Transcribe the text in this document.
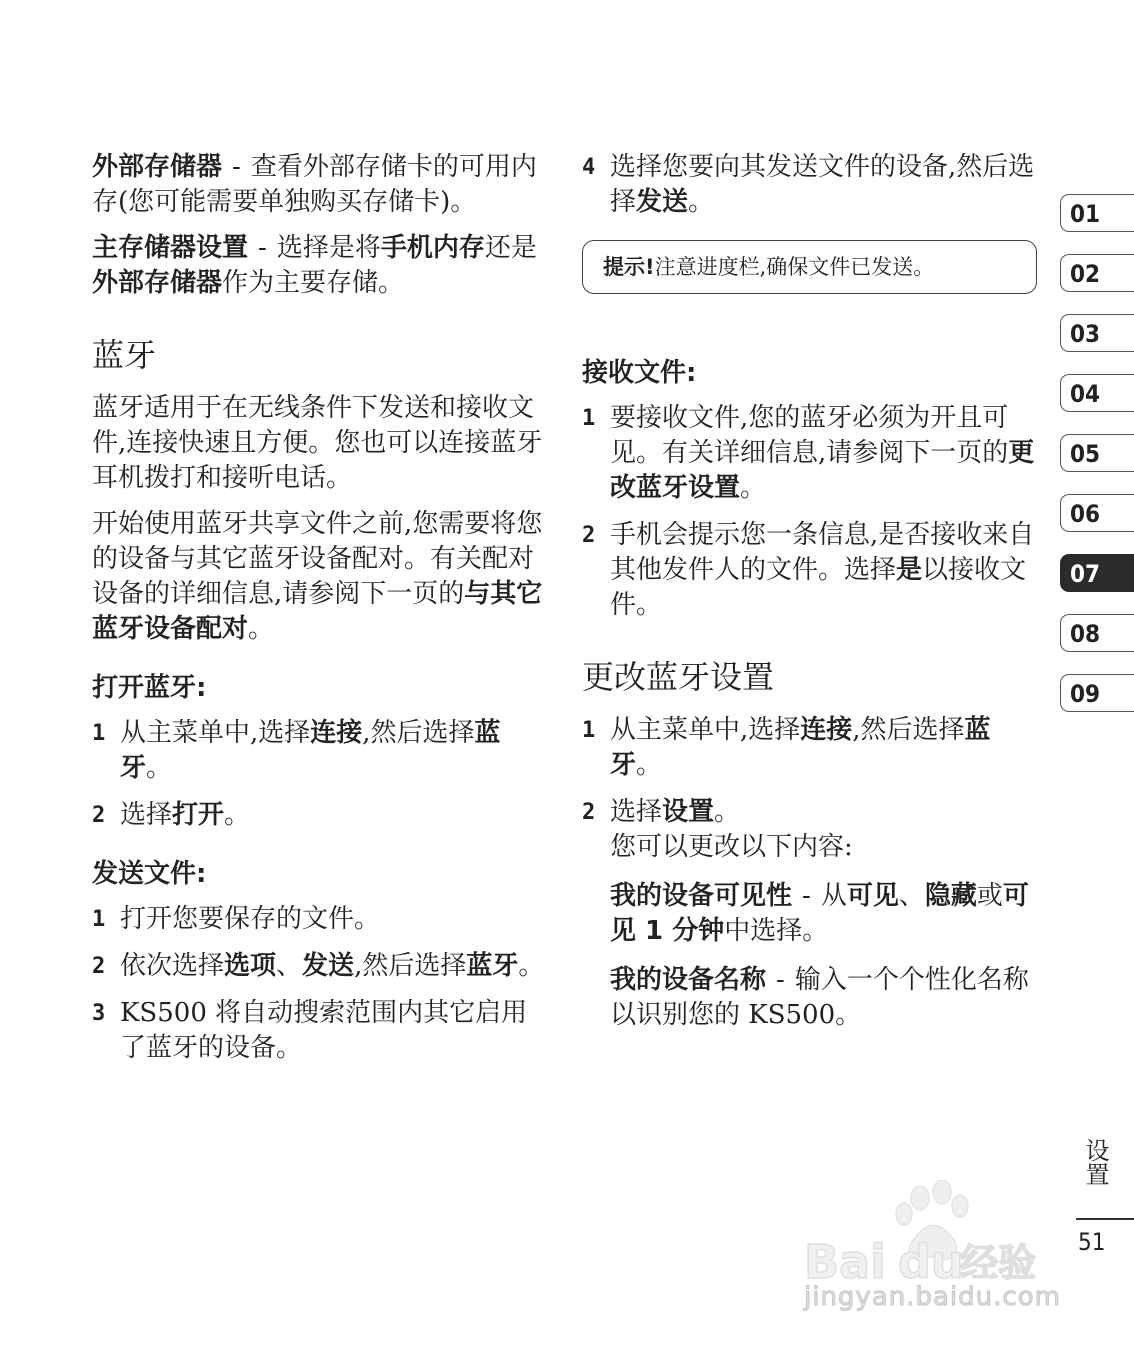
外部存储器 - 查看外部存储卡的可用内存(您可能需要单独购买存储卡)。

主存储器设置 - 选择是将手机内存还是外部存储器作为主要存储。

蓝牙

蓝牙适用于在无线条件下发送和接收文件,连接快速且方便。您也可以连接蓝牙耳机拨打和接听电话。

开始使用蓝牙共享文件之前,您需要将您的设备与其它蓝牙设备配对。有关配对设备的详细信息,请参阅下一页的与其它蓝牙设备配对。

打开蓝牙:
1 从主菜单中,选择连接,然后选择蓝牙。
2 选择打开。
发送文件:
1 打开您要保存的文件。
2 依次选择选项、发送,然后选择蓝牙。
3 KS500 将自动搜索范围内其它启用了蓝牙的设备。
4 选择您要向其发送文件的设备,然后选择发送。
提示!注意进度栏,确保文件已发送。
接收文件:
1 要接收文件,您的蓝牙必须为开且可见。有关详细信息,请参阅下一页的更改蓝牙设置。
2 手机会提示您一条信息,是否接收来自其他发件人的文件。选择是以接收文件。
更改蓝牙设置
1 从主菜单中,选择连接,然后选择蓝牙。
2 选择设置。
您可以更改以下内容:

我的设备可见性 - 从可见、隐藏或可见 1 分钟中选择。

我的设备名称 - 输入一个个性化名称以识别您的 KS500。

01
02
03
04
05
06
07
08
09
设置
51
Bai du
经验
jingyan.baidu.com
